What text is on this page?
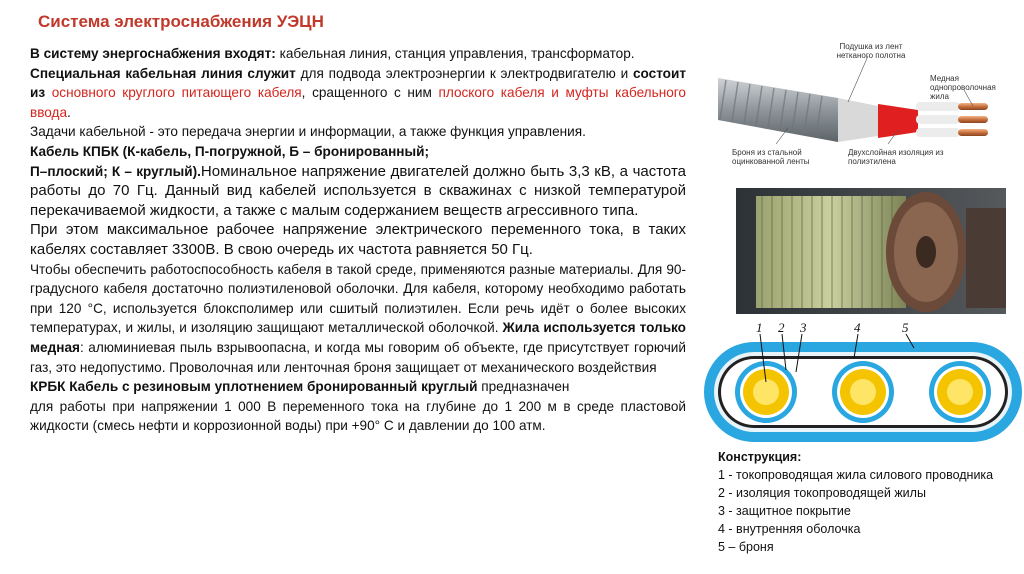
Система электроснабжения УЭЦН

В систему энергоснабжения входят: кабельная линия, станция управления, трансформатор.

Специальная кабельная линия служит для подвода электроэнергии к электродвигателю и состоит из основного круглого питающего кабеля, сращенного с ним плоского кабеля и муфты кабельного ввода.

Задачи кабельной - это передача энергии и информации, а также функция управления.

Кабель КПБК (К-кабель, П-погружной, Б – бронированный;

П–плоский; К – круглый).Номинальное напряжение двигателей должно быть 3,3 кВ, а частота работы до 70 Гц. Данный вид кабелей используется в скважинах с низкой температурой перекачиваемой жидкости, а также с малым содержанием веществ агрессивного типа.

При этом максимальное рабочее напряжение электрического переменного тока, в таких кабелях составляет 3300В. В свою очередь их частота равняется 50 Гц.

Чтобы обеспечить работоспособность кабеля в такой среде, применяются разные материалы. Для 90-градусного кабеля достаточно полиэтиленовой оболочки. Для кабеля, которому необходимо работать при 120 °С, используется блоксполимер или сшитый полиэтилен. Если речь идёт о более высоких температурах, и жилы, и изоляцию защищают металлической оболочкой. Жила используется только медная: алюминиевая пыль взрывоопасна, и когда мы говорим об объекте, где присутствует горючий газ, это недопустимо. Проволочная или ленточная броня защищает от механического воздействия

КРБК Кабель с резиновым уплотнением бронированный круглый предназначен

для работы при напряжении 1 000 В переменного тока на глубине до 1 200 м в среде пластовой жидкости (смесь нефти и коррозионной воды) при +90° С и давлении до 100 атм.

Подушка из лент нетканого полотна
Медная однопроволочная жила
Броня из стальной оцинкованной ленты
Двухслойная изоляция из полиэтилена
1 2 3	4	5
Конструкция:
1 - токопроводящая жила силового проводника
2 - изоляция токопроводящей жилы
3 - защитное покрытие
4 - внутренняя оболочка
5 – броня
